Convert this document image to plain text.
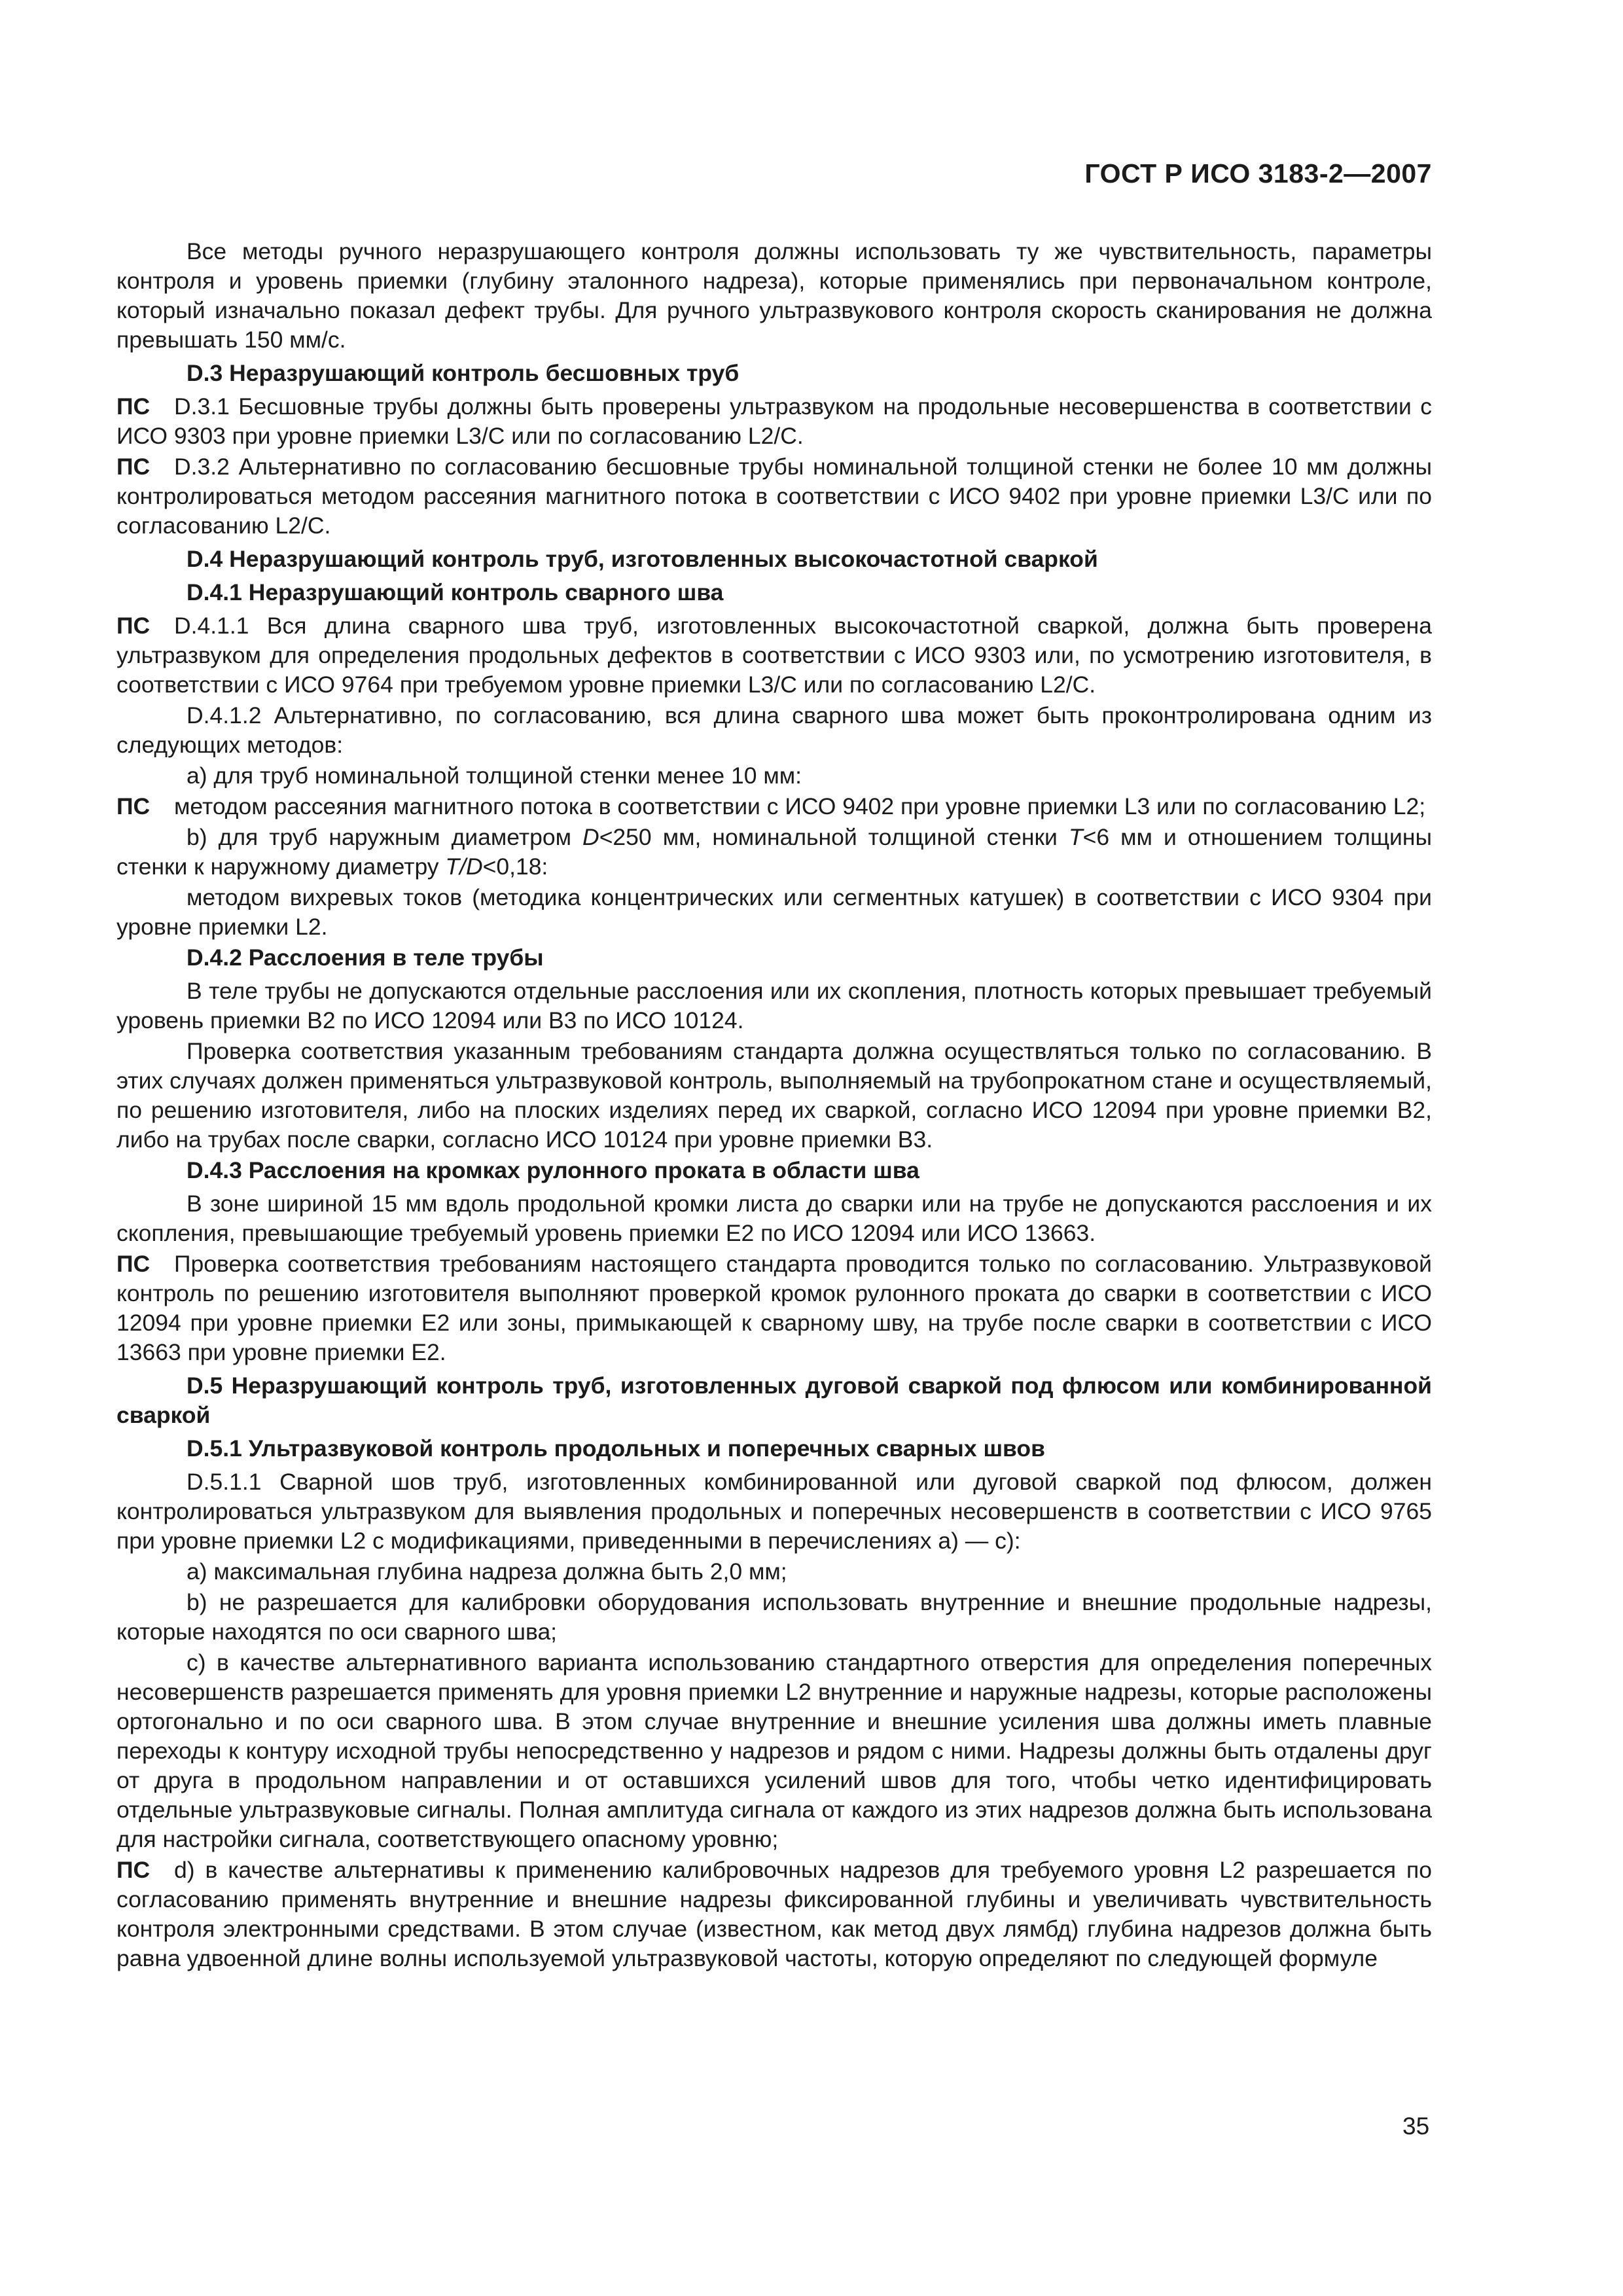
ГОСТ Р ИСО 3183-2—2007

Все методы ручного неразрушающего контроля должны использовать ту же чувствительность, параметры контроля и уровень приемки (глубину эталонного надреза), которые применялись при первоначальном контроле, который изначально показал дефект трубы. Для ручного ультразвукового контроля скорость сканирования не должна превышать 150 мм/с.

D.3 Неразрушающий контроль бесшовных труб

ПС D.3.1 Бесшовные трубы должны быть проверены ультразвуком на продольные несовершенства в соответствии с ИСО 9303 при уровне приемки L3/C или по согласованию L2/C.

ПС D.3.2 Альтернативно по согласованию бесшовные трубы номинальной толщиной стенки не более 10 мм должны контролироваться методом рассеяния магнитного потока в соответствии с ИСО 9402 при уровне приемки L3/C или по согласованию L2/C.

D.4 Неразрушающий контроль труб, изготовленных высокочастотной сваркой

D.4.1 Неразрушающий контроль сварного шва

ПС D.4.1.1 Вся длина сварного шва труб, изготовленных высокочастотной сваркой, должна быть проверена ультразвуком для определения продольных дефектов в соответствии с ИСО 9303 или, по усмотрению изготовителя, в соответствии с ИСО 9764 при требуемом уровне приемки L3/C или по согласованию L2/C.

D.4.1.2 Альтернативно, по согласованию, вся длина сварного шва может быть проконтролирована одним из следующих методов:

a) для труб номинальной толщиной стенки менее 10 мм:

ПС методом рассеяния магнитного потока в соответствии с ИСО 9402 при уровне приемки L3 или по согласованию L2;

b) для труб наружным диаметром D<250 мм, номинальной толщиной стенки T<6 мм и отношением толщины стенки к наружному диаметру T/D<0,18:

методом вихревых токов (методика концентрических или сегментных катушек) в соответствии с ИСО 9304 при уровне приемки L2.

D.4.2 Расслоения в теле трубы

В теле трубы не допускаются отдельные расслоения или их скопления, плотность которых превышает требуемый уровень приемки B2 по ИСО 12094 или B3 по ИСО 10124.

Проверка соответствия указанным требованиям стандарта должна осуществляться только по согласованию. В этих случаях должен применяться ультразвуковой контроль, выполняемый на трубопрокатном стане и осуществляемый, по решению изготовителя, либо на плоских изделиях перед их сваркой, согласно ИСО 12094 при уровне приемки B2, либо на трубах после сварки, согласно ИСО 10124 при уровне приемки B3.

D.4.3 Расслоения на кромках рулонного проката в области шва

В зоне шириной 15 мм вдоль продольной кромки листа до сварки или на трубе не допускаются расслоения и их скопления, превышающие требуемый уровень приемки E2 по ИСО 12094 или ИСО 13663.

ПС Проверка соответствия требованиям настоящего стандарта проводится только по согласованию. Ультразвуковой контроль по решению изготовителя выполняют проверкой кромок рулонного проката до сварки в соответствии с ИСО 12094 при уровне приемки E2 или зоны, примыкающей к сварному шву, на трубе после сварки в соответствии с ИСО 13663 при уровне приемки E2.

D.5 Неразрушающий контроль труб, изготовленных дуговой сваркой под флюсом или комбинированной сваркой

D.5.1 Ультразвуковой контроль продольных и поперечных сварных швов

D.5.1.1 Сварной шов труб, изготовленных комбинированной или дуговой сваркой под флюсом, должен контролироваться ультразвуком для выявления продольных и поперечных несовершенств в соответствии с ИСО 9765 при уровне приемки L2 с модификациями, приведенными в перечислениях a) — c):

a) максимальная глубина надреза должна быть 2,0 мм;

b) не разрешается для калибровки оборудования использовать внутренние и внешние продольные надрезы, которые находятся по оси сварного шва;

c) в качестве альтернативного варианта использованию стандартного отверстия для определения поперечных несовершенств разрешается применять для уровня приемки L2 внутренние и наружные надрезы, которые расположены ортогонально и по оси сварного шва. В этом случае внутренние и внешние усиления шва должны иметь плавные переходы к контуру исходной трубы непосредственно у надрезов и рядом с ними. Надрезы должны быть отдалены друг от друга в продольном направлении и от оставшихся усилений швов для того, чтобы четко идентифицировать отдельные ультразвуковые сигналы. Полная амплитуда сигнала от каждого из этих надрезов должна быть использована для настройки сигнала, соответствующего опасному уровню;

ПС d) в качестве альтернативы к применению калибровочных надрезов для требуемого уровня L2 разрешается по согласованию применять внутренние и внешние надрезы фиксированной глубины и увеличивать чувствительность контроля электронными средствами. В этом случае (известном, как метод двух лямбд) глубина надрезов должна быть равна удвоенной длине волны используемой ультразвуковой частоты, которую определяют по следующей формуле

35
